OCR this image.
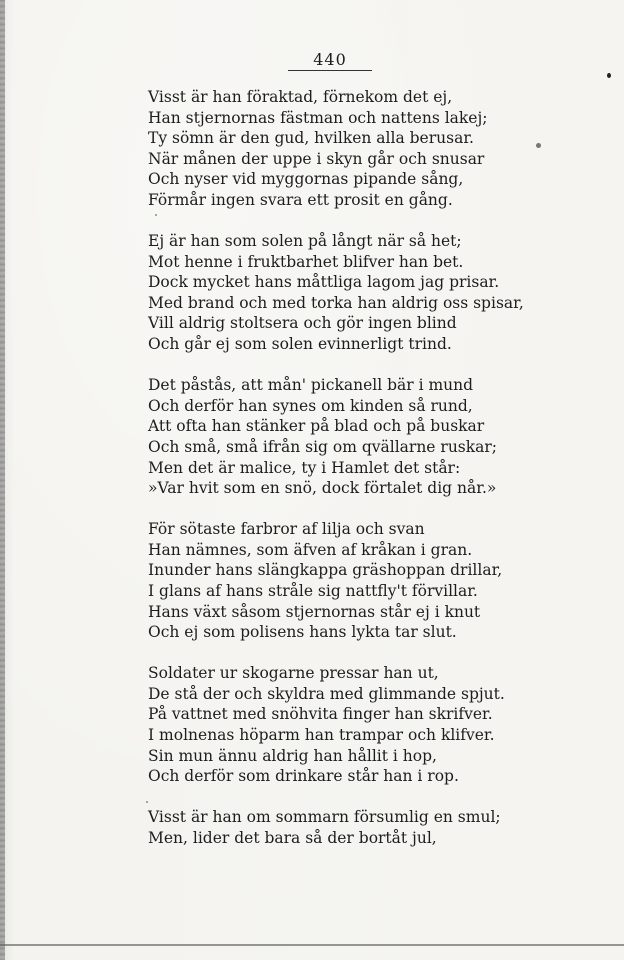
440
Visst är han föraktad, förnekom det ej,
Han stjernornas fästman och nattens lakej;
Ty sömn är den gud, hvilken alla berusar.
När månen der uppe i skyn går och snusar
Och nyser vid myggornas pipande sång,
Förmår ingen svara ett prosit en gång.
Ej är han som solen på långt när så het;
Mot henne i fruktbarhet blifver han bet.
Dock mycket hans måttliga lagom jag prisar.
Med brand och med torka han aldrig oss spisar,
Vill aldrig stoltsera och gör ingen blind
Och går ej som solen evinnerligt trind.
Det påstås, att mån' pickanell bär i mund
Och derför han synes om kinden så rund,
Att ofta han stänker på blad och på buskar
Och små, små ifrån sig om qvällarne ruskar;
Men det är malice, ty i Hamlet det står:
»Var hvit som en snö, dock förtalet dig når.»
För sötaste farbror af lilja och svan
Han nämnes, som äfven af kråkan i gran.
Inunder hans slängkappa gräshoppan drillar,
I glans af hans stråle sig nattfly't förvillar.
Hans växt såsom stjernornas står ej i knut
Och ej som polisens hans lykta tar slut.
Soldater ur skogarne pressar han ut,
De stå der och skyldra med glimmande spjut.
På vattnet med snöhvita finger han skrifver.
I molnenas höparm han trampar och klifver.
Sin mun ännu aldrig han hållit i hop,
Och derför som drinkare står han i rop.
Visst är han om sommarn försumlig en smul;
Men, lider det bara så der bortåt jul,
